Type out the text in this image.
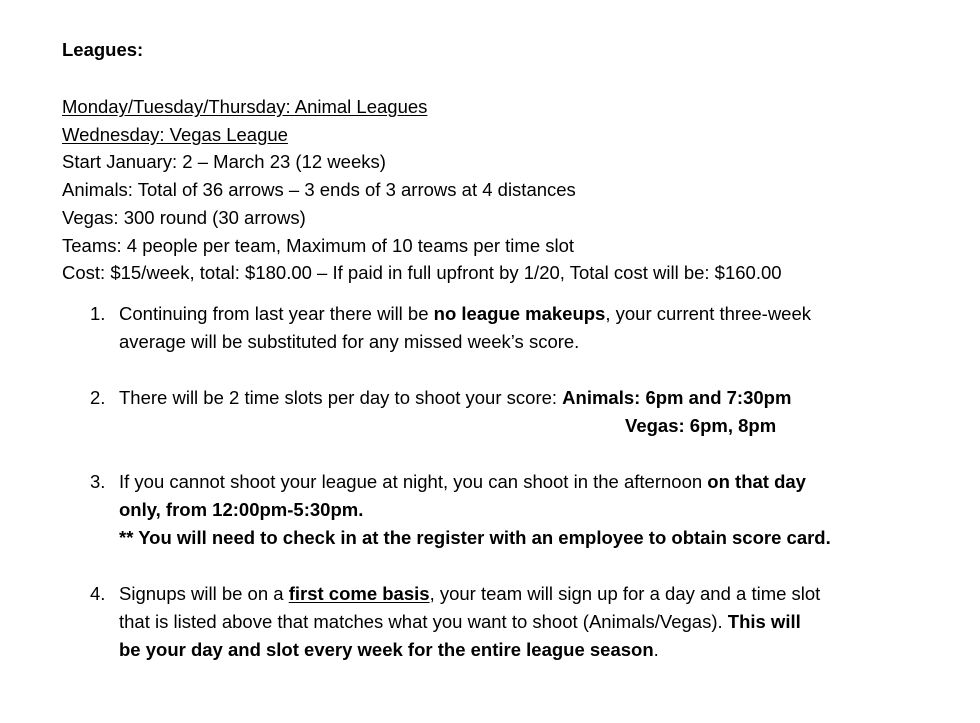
Leagues:
Monday/Tuesday/Thursday: Animal Leagues
Wednesday: Vegas League
Start January: 2 – March 23 (12 weeks)
Animals: Total of 36 arrows – 3 ends of 3 arrows at 4 distances
Vegas: 300 round (30 arrows)
Teams: 4 people per team, Maximum of 10 teams per time slot
Cost: $15/week, total: $180.00 – If paid in full upfront by 1/20, Total cost will be: $160.00
1. Continuing from last year there will be no league makeups, your current three-week
average will be substituted for any missed week’s score.
2. There will be 2 time slots per day to shoot your score: Animals: 6pm and 7:30pm
Vegas: 6pm, 8pm
3. If you cannot shoot your league at night, you can shoot in the afternoon on that day
only, from 12:00pm-5:30pm.
** You will need to check in at the register with an employee to obtain score card.
4. Signups will be on a first come basis, your team will sign up for a day and a time slot
that is listed above that matches what you want to shoot (Animals/Vegas). This will
be your day and slot every week for the entire league season.
